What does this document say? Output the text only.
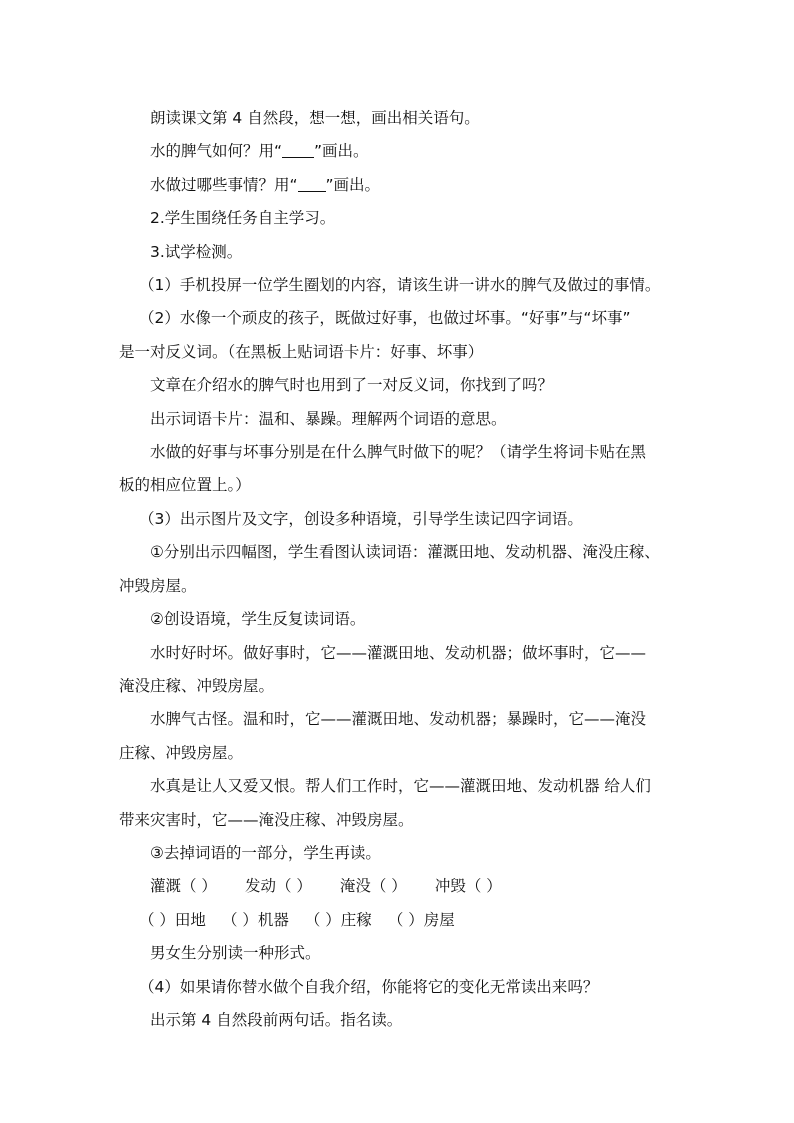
朗读课文第 4 自然段，想一想，画出相关语句。

水的脾气如何？用“ ”画出。

水做过哪些事情？用“ ”画出。

2.学生围绕任务自主学习。

3.试学检测。

（1）手机投屏一位学生圈划的内容，请该生讲一讲水的脾气及做过的事情。

（2）水像一个顽皮的孩子，既做过好事，也做过坏事。“好事”与“坏事”

是一对反义词。（在黑板上贴词语卡片：好事、坏事）

文章在介绍水的脾气时也用到了一对反义词，你找到了吗？

出示词语卡片：温和、暴躁。理解两个词语的意思。

水做的好事与坏事分别是在什么脾气时做下的呢？（请学生将词卡贴在黑

板的相应位置上。）

（3）出示图片及文字，创设多种语境，引导学生读记四字词语。

①分别出示四幅图，学生看图认读词语：灌溉田地、发动机器、淹没庄稼、

冲毁房屋。

②创设语境，学生反复读词语。

水时好时坏。做好事时，它——灌溉田地、发动机器；做坏事时，它——

淹没庄稼、冲毁房屋。

水脾气古怪。温和时，它——灌溉田地、发动机器；暴躁时，它——淹没

庄稼、冲毁房屋。

水真是让人又爱又恨。帮人们工作时，它——灌溉田地、发动机器 给人们

带来灾害时，它——淹没庄稼、冲毁房屋。

③去掉词语的一部分，学生再读。

灌溉（ ） 发动（ ） 淹没（ ） 冲毁（ ）

（ ）田地 （ ）机器 （ ）庄稼 （ ）房屋

男女生分别读一种形式。

（4）如果请你替水做个自我介绍，你能将它的变化无常读出来吗？

出示第 4 自然段前两句话。指名读。
